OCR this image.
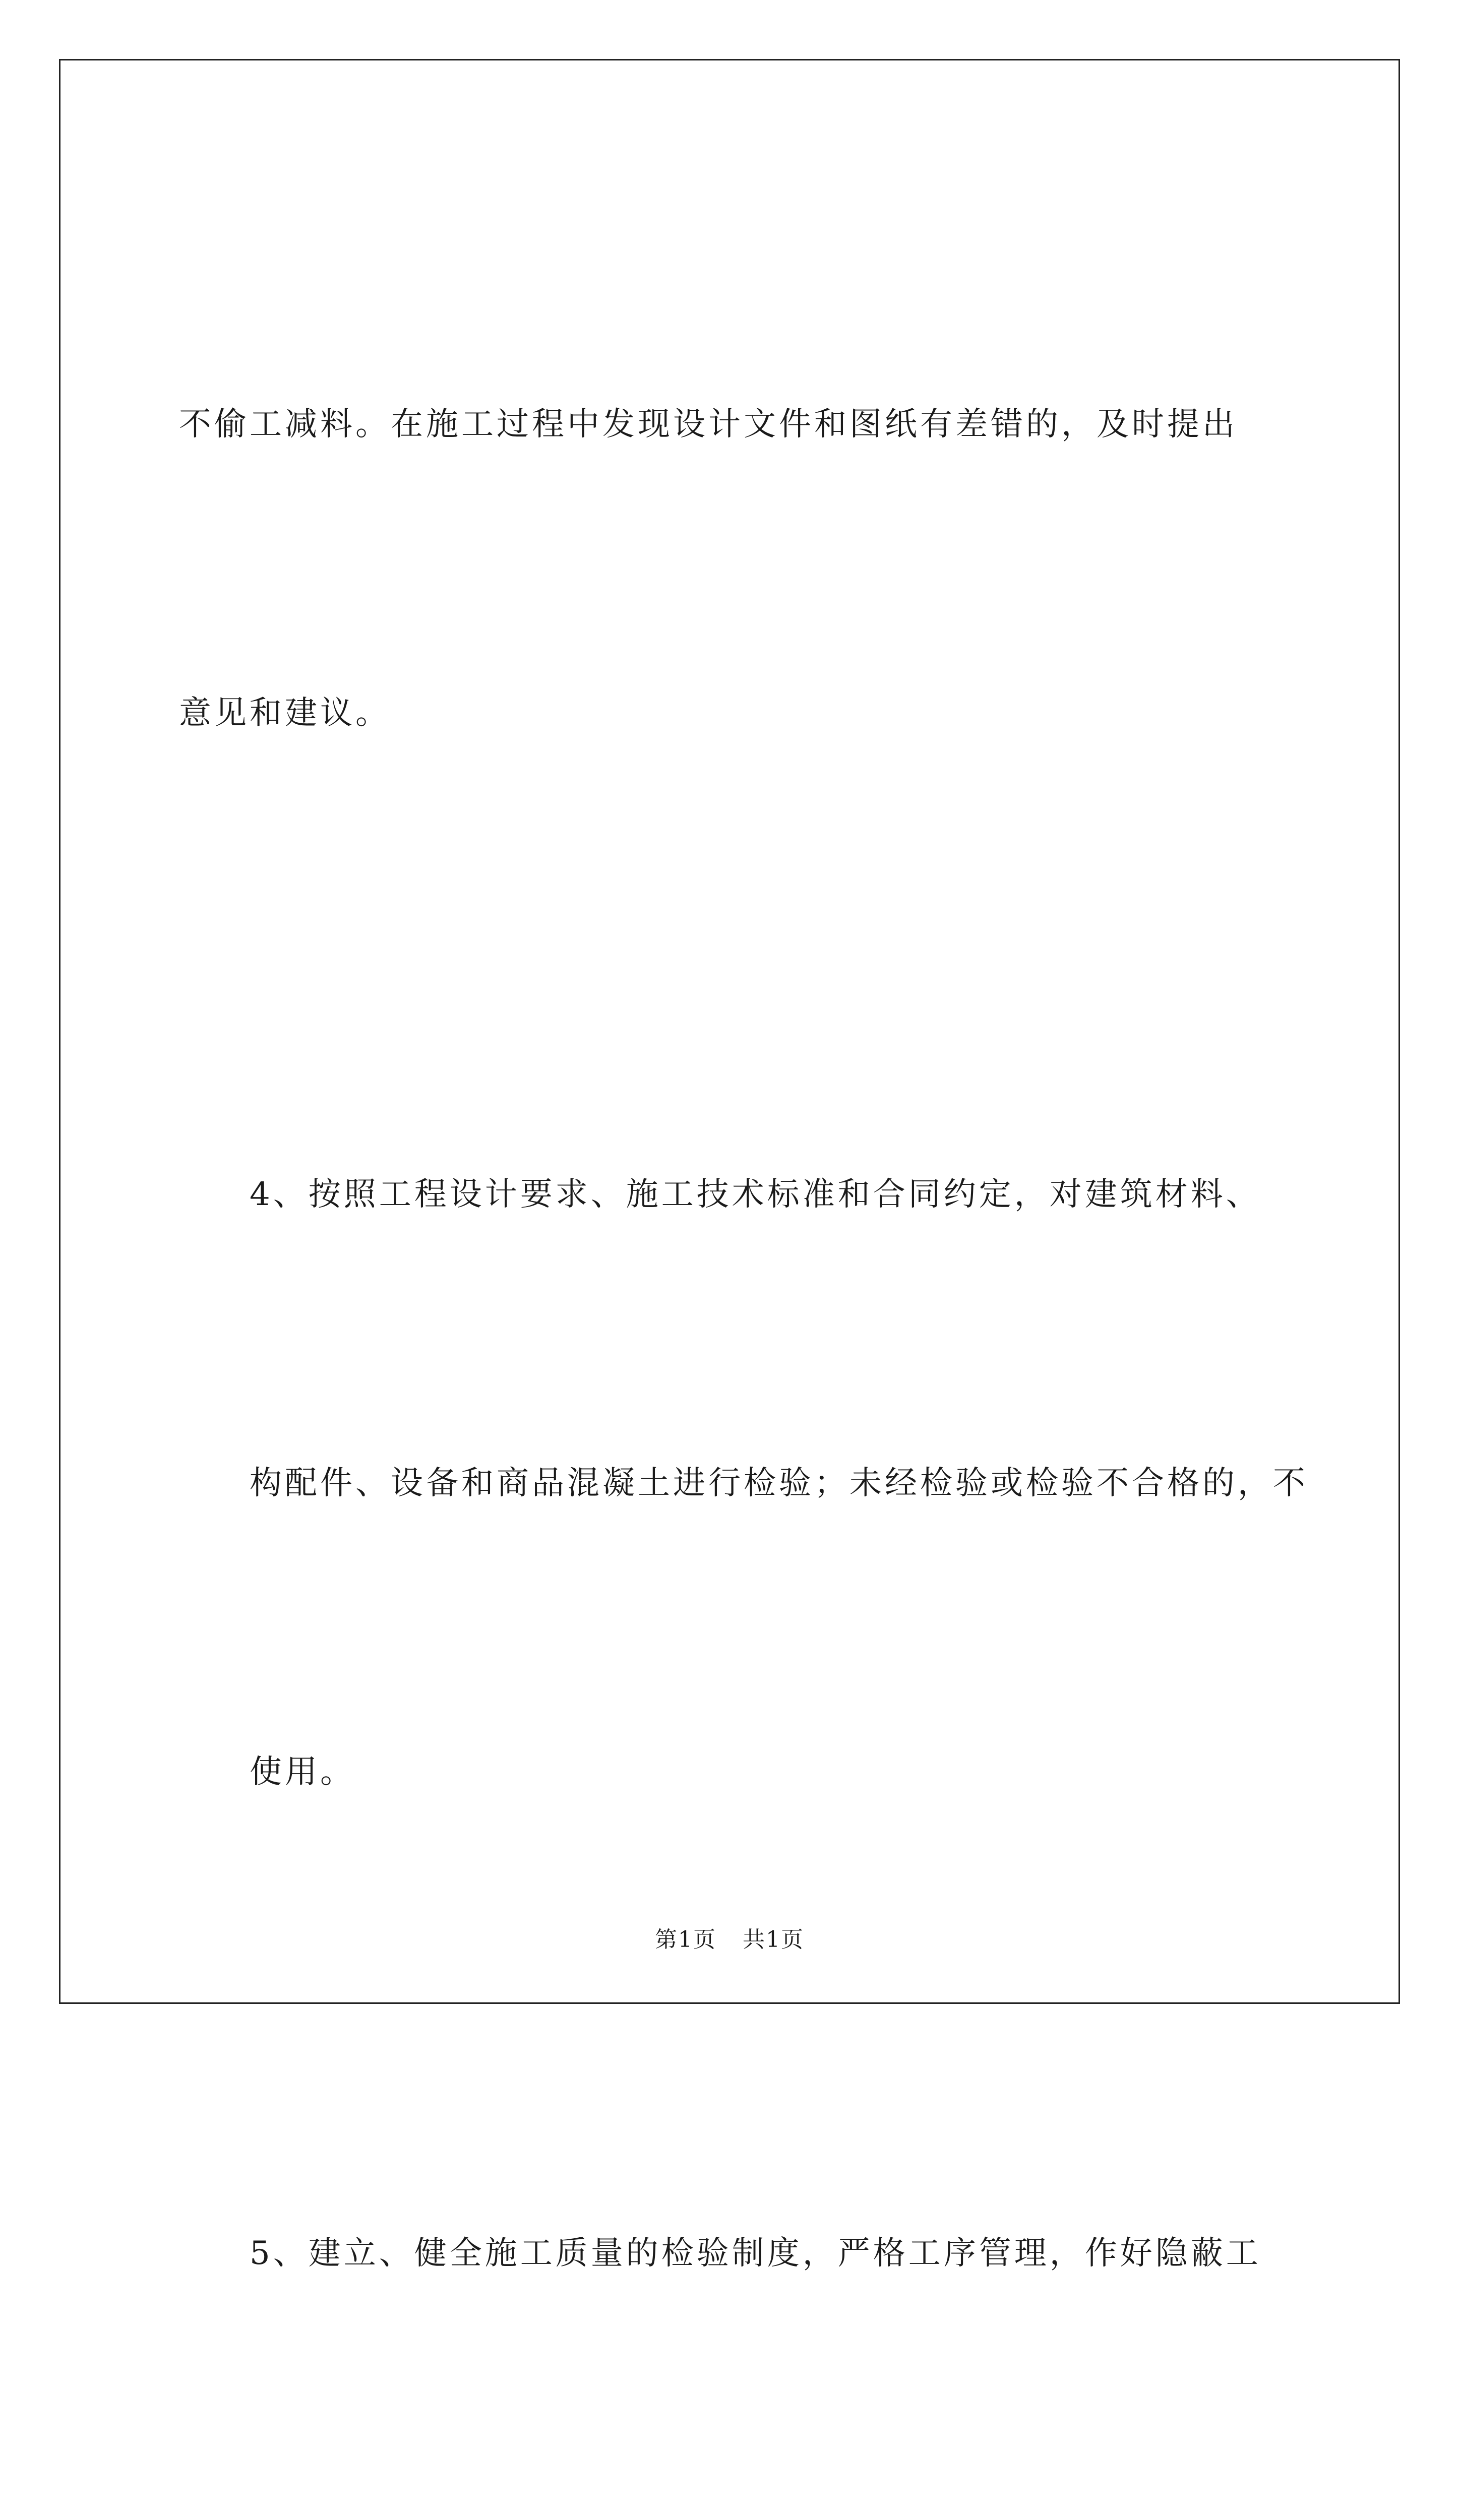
不偷工减料。在施工过程中发现设计文件和图纸有差错的，及时提出

意见和建议。

4、按照工程设计要求、施工技术标准和合同约定，对建筑材料、

构配件、设备和商品混凝土进行检验；未经检验或检验不合格的，不

使用。

5、建立、健全施工质量的检验制度，严格工序管理，作好隐蔽工

第1页 共1页
